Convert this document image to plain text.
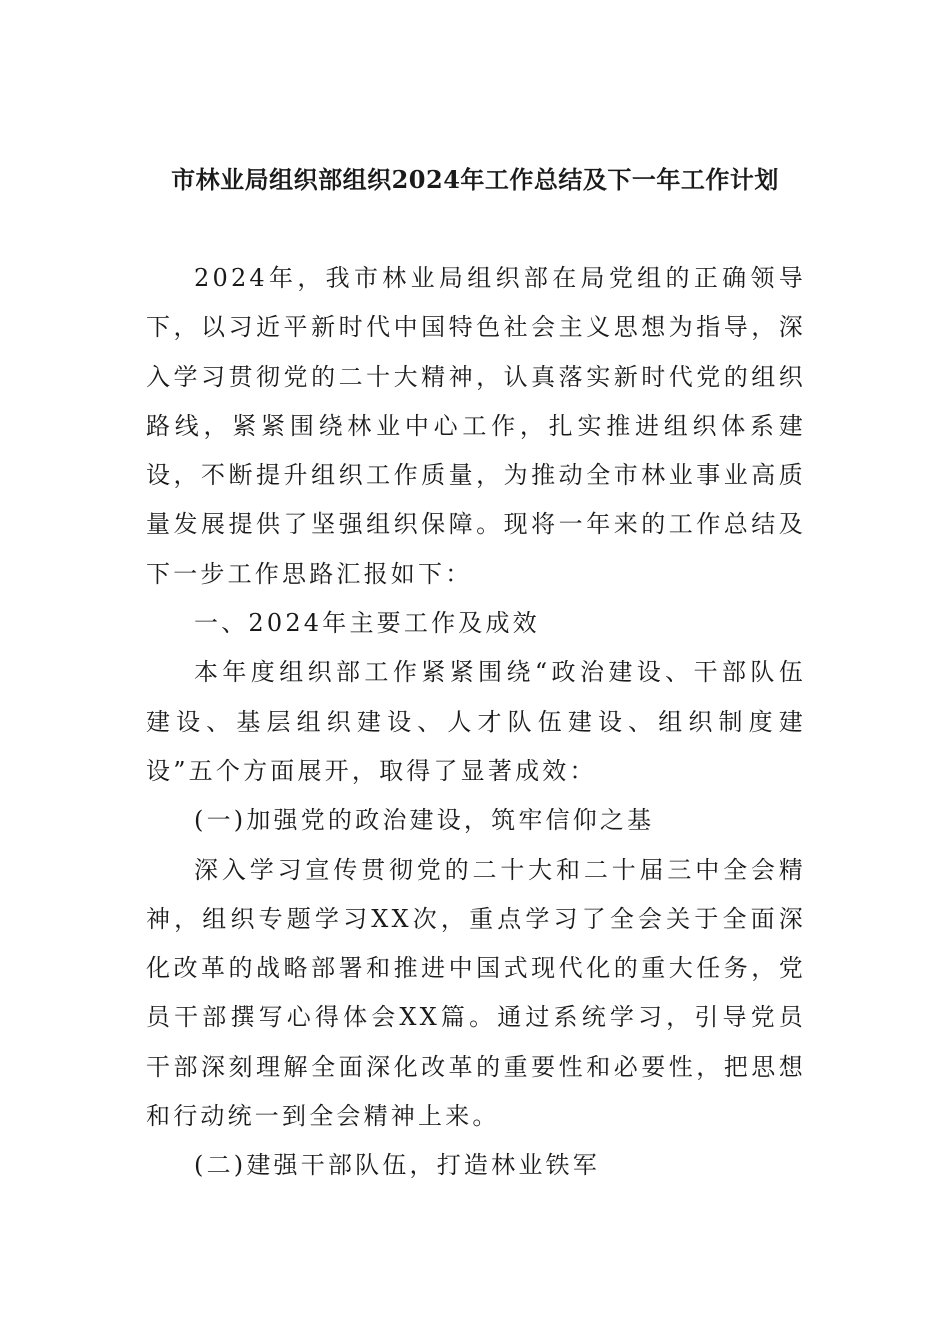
市林业局组织部组织2024年工作总结及下一年工作计划

2024年，我市林业局组织部在局党组的正确领导下，以习近平新时代中国特色社会主义思想为指导，深入学习贯彻党的二十大精神，认真落实新时代党的组织路线，紧紧围绕林业中心工作，扎实推进组织体系建设，不断提升组织工作质量，为推动全市林业事业高质量发展提供了坚强组织保障。现将一年来的工作总结及下一步工作思路汇报如下：

一、2024年主要工作及成效

本年度组织部工作紧紧围绕“政治建设、干部队伍建设、基层组织建设、人才队伍建设、组织制度建设”五个方面展开，取得了显著成效：

(一)加强党的政治建设，筑牢信仰之基

深入学习宣传贯彻党的二十大和二十届三中全会精神，组织专题学习XX次，重点学习了全会关于全面深化改革的战略部署和推进中国式现代化的重大任务，党员干部撰写心得体会XX篇。通过系统学习，引导党员干部深刻理解全面深化改革的重要性和必要性，把思想和行动统一到全会精神上来。

(二)建强干部队伍，打造林业铁军
